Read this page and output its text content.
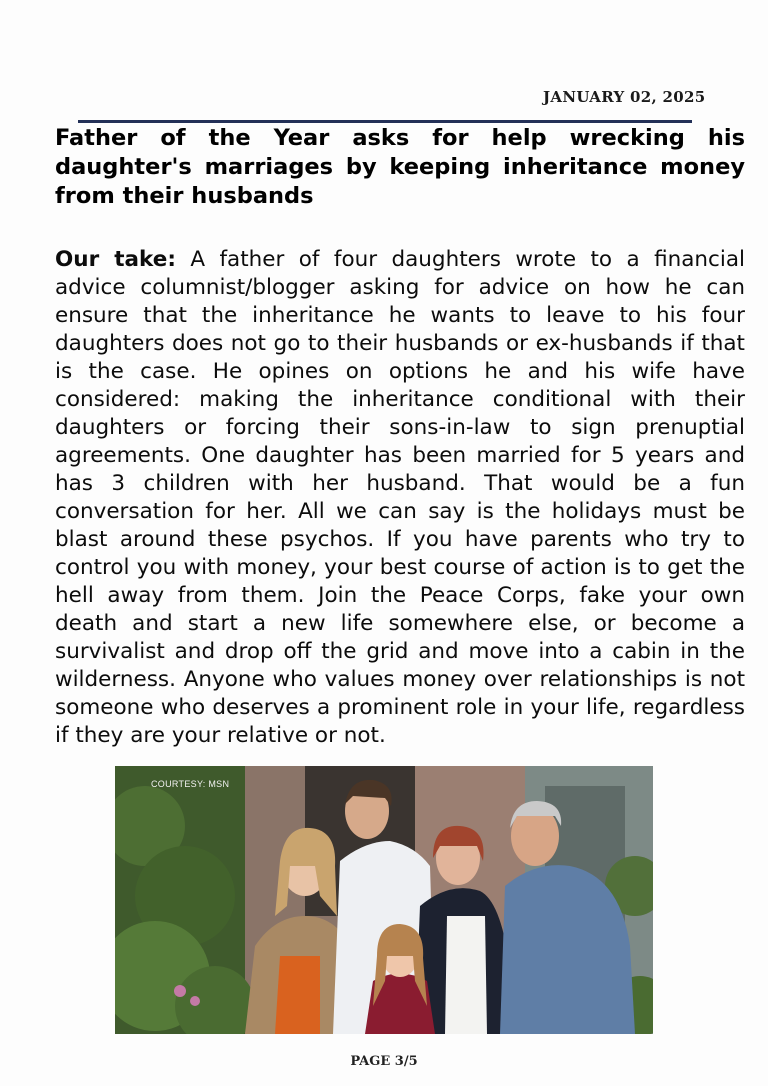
JANUARY 02, 2025
Father of the Year asks for help wrecking his daughter's marriages by keeping inheritance money from their husbands

Our take: A father of four daughters wrote to a financial advice columnist/blogger asking for advice on how he can ensure that the inheritance he wants to leave to his four daughters does not go to their husbands or ex-husbands if that is the case. He opines on options he and his wife have considered: making the inheritance conditional with their daughters or forcing their sons-in-law to sign prenuptial agreements. One daughter has been married for 5 years and has 3 children with her husband. That would be a fun conversation for her. All we can say is the holidays must be blast around these psychos. If you have parents who try to control you with money, your best course of action is to get the hell away from them. Join the Peace Corps, fake your own death and start a new life somewhere else, or become a survivalist and drop off the grid and move into a cabin in the wilderness. Anyone who values money over relationships is not someone who deserves a prominent role in your life, regardless if they are your relative or not.

COURTESY: MSN
PAGE 3/5
